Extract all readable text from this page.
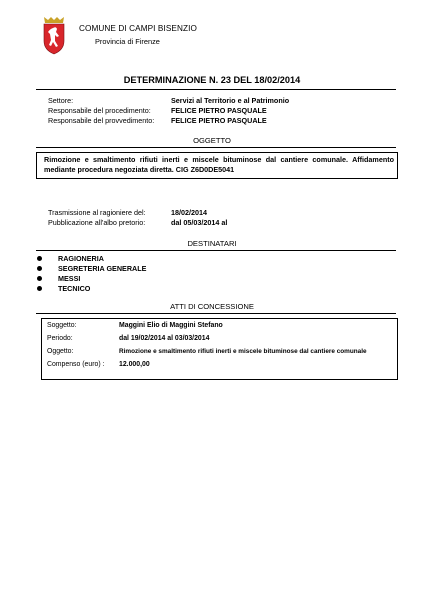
COMUNE DI CAMPI BISENZIO
Provincia di Firenze
DETERMINAZIONE N. 23 DEL 18/02/2014
Settore:	Servizi al Territorio e al Patrimonio
Responsabile del procedimento:	FELICE PIETRO PASQUALE
Responsabile del provvedimento: FELICE PIETRO PASQUALE
OGGETTO
Rimozione e smaltimento rifiuti inerti e miscele bituminose dal cantiere comunale. Affidamento mediante procedura negoziata diretta. CIG Z6D0DE5041
Trasmissione al ragioniere del:	18/02/2014
Pubblicazione all'albo pretorio:	dal 05/03/2014 al
DESTINATARI
RAGIONERIA
SEGRETERIA GENERALE
MESSI
TECNICO
ATTI DI CONCESSIONE
Soggetto:	Maggini Elio di Maggini Stefano
Periodo:	dal 19/02/2014 al 03/03/2014
Oggetto:	Rimozione e smaltimento rifiuti inerti e miscele bituminose dal cantiere comunale
Compenso (euro) : 12.000,00
